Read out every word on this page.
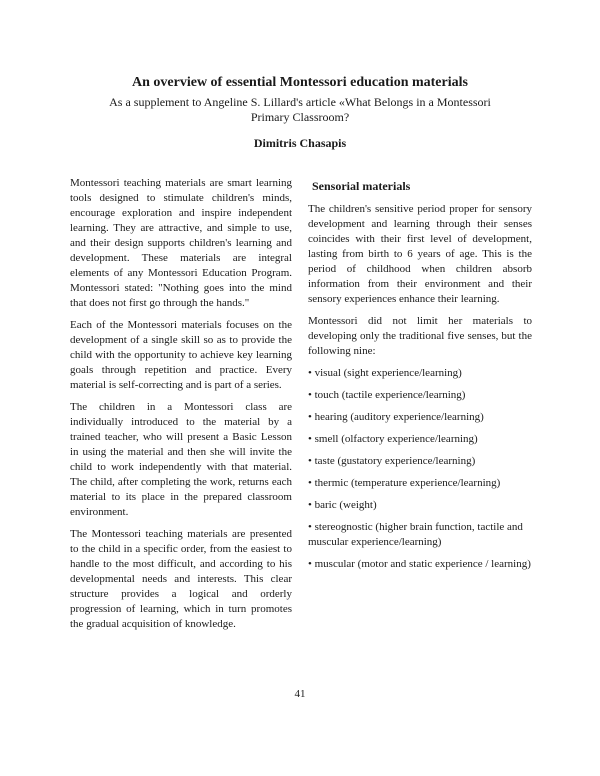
An overview of essential Montessori education materials

As a supplement to Angeline S. Lillard's article «What Belongs in a Montessori Primary Classroom?

Dimitris Chasapis

Montessori teaching materials are smart learning tools designed to stimulate children's minds, encourage exploration and inspire independent learning. They are attractive, and simple to use, and their design supports children's learning and development. These materials are integral elements of any Montessori Education Program. Montessori stated: "Nothing goes into the mind that does not first go through the hands."

Each of the Montessori materials focuses on the development of a single skill so as to provide the child with the opportunity to achieve key learning goals through repetition and practice. Every material is self-correcting and is part of a series.

The children in a Montessori class are individually introduced to the material by a trained teacher, who will present a Basic Lesson in using the material and then she will invite the child to work independently with that material. The child, after completing the work, returns each material to its place in the prepared classroom environment.

The Montessori teaching materials are presented to the child in a specific order, from the easiest to handle to the most difficult, and according to his developmental needs and interests. This clear structure provides a logical and orderly progression of learning, which in turn promotes the gradual acquisition of knowledge.

Sensorial materials

The children's sensitive period proper for sensory development and learning through their senses coincides with their first level of development, lasting from birth to 6 years of age. This is the period of childhood when children absorb information from their environment and their sensory experiences enhance their learning.

Montessori did not limit her materials to developing only the traditional five senses, but the following nine:

• visual (sight experience/learning)
• touch (tactile experience/learning)
• hearing (auditory experience/learning)
• smell (olfactory experience/learning)
• taste (gustatory experience/learning)
• thermic (temperature experience/learning)
• baric (weight)
• stereognostic (higher brain function, tactile and muscular experience/learning)
• muscular (motor and static experience / learning)
41
